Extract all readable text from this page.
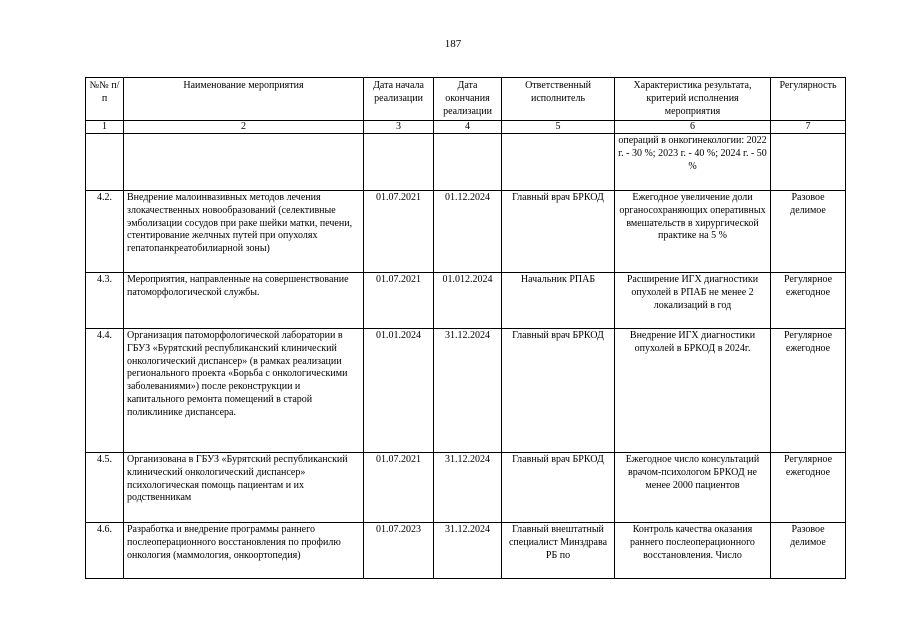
187
№№ п/п	Наименование мероприятия	Дата начала реализации	Дата окончания реализации	Ответственный исполнитель	Характеристика результата, критерий исполнения мероприятия	Регулярность
1	2	3	4	5	6	7
					операций в онкогинекологии: 2022 г. - 30 %; 2023 г. - 40 %; 2024 г. - 50 %	
4.2.	Внедрение малоинвазивных методов лечения злокачественных новообразований (селективные эмболизации сосудов при раке шейки матки, печени, стентирование желчных путей при опухолях гепатопанкреатобилиарной зоны)	01.07.2021	01.12.2024	Главный врач БРКОД	Ежегодное увеличение доли органосохраняющих оперативных вмешательств в хирургической практике на 5 %	Разовое делимое
4.3.	Мероприятия, направленные на совершенствование патоморфологической службы.	01.07.2021	01.012.2024	Начальник РПАБ	Расширение ИГХ диагностики опухолей в РПАБ не менее 2 локализаций в год	Регулярное ежегодное
4.4.	Организация патоморфологической лаборатории в ГБУЗ «Бурятский республиканский клинический онкологический диспансер» (в рамках реализации регионального проекта «Борьба с онкологическими заболеваниями») после реконструкции и капитального ремонта помещений в старой поликлинике диспансера.	01.01.2024	31.12.2024	Главный врач БРКОД	Внедрение ИГХ диагностики опухолей в БРКОД в 2024г.	Регулярное ежегодное
4.5.	Организована в ГБУЗ «Бурятский республиканский клинический онкологический диспансер» психологическая помощь пациентам и их родственникам	01.07.2021	31.12.2024	Главный врач БРКОД	Ежегодное число консультаций врачом-психологом БРКОД не менее 2000 пациентов	Регулярное ежегодное
4.6.	Разработка и внедрение программы раннего послеоперационного восстановления по профилю онкология (маммология, онкоортопедия)	01.07.2023	31.12.2024	Главный внештатный специалист Минздрава РБ по	Контроль качества оказания раннего послеоперационного восстановления. Число	Разовое делимое
